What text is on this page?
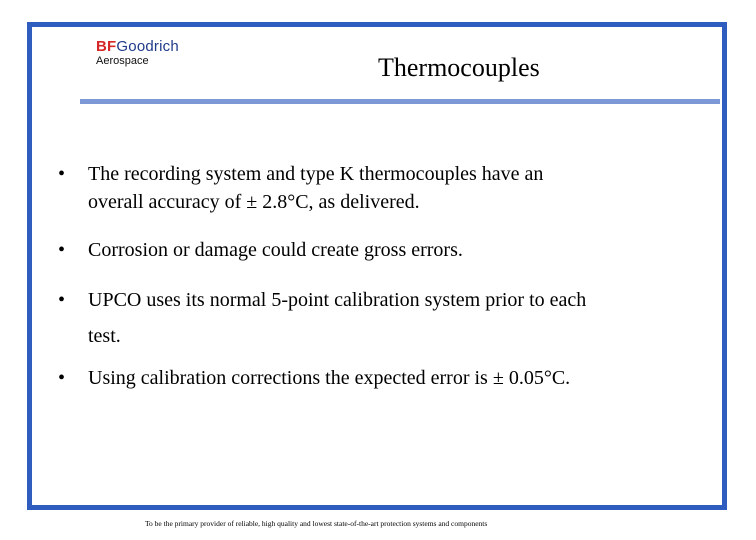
BFGoodrich
Aerospace	Thermocouples
•	The recording system and type K thermocouples have an
overall accuracy of ± 2.8°C, as delivered.
•	Corrosion or damage could create gross errors.
•	UPCO uses its normal 5-point calibration system prior to each
test.
•	Using calibration corrections the expected error is ± 0.05°C.
To be the primary provider of reliable, high quality and lowest state-of-the-art protection systems and components
